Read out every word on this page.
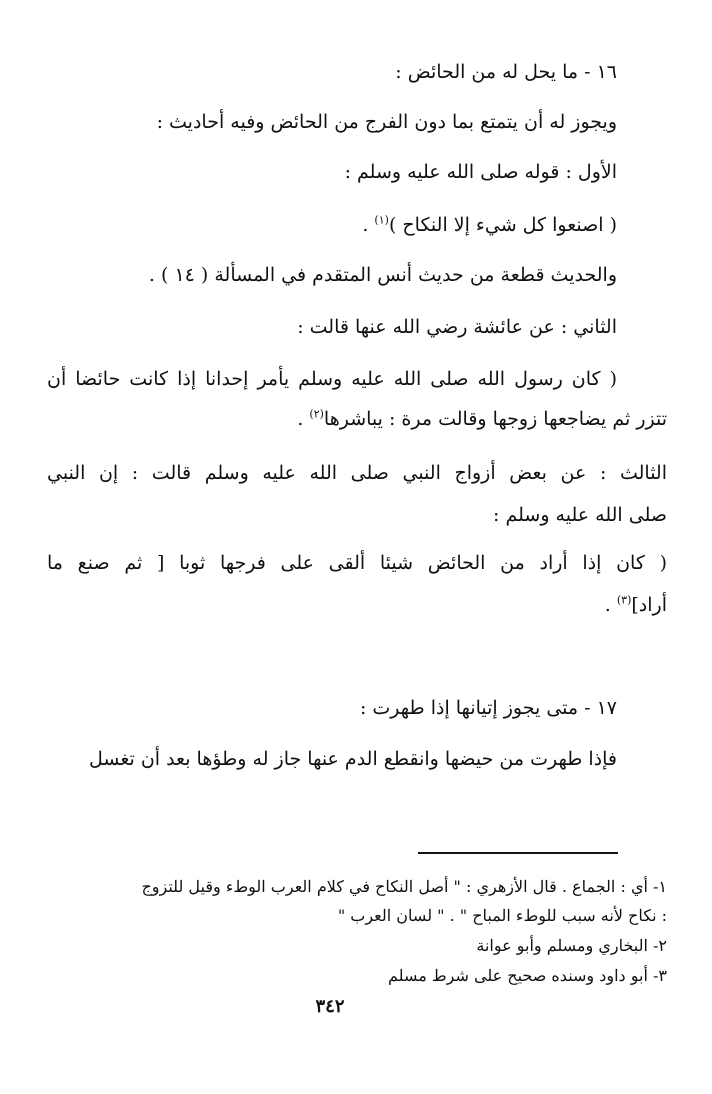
١٦ - ما يحل له من الحائض :
ويجوز له أن يتمتع بما دون الفرج من الحائض وفيه أحاديث :
الأول : قوله صلى الله عليه وسلم :
( اصنعوا كل شيء إلا النكاح )$^{(١)}$ .
والحديث قطعة من حديث أنس المتقدم في المسألة ( ١٤ ) .
الثاني : عن عائشة رضي الله عنها قالت :
( كان رسول الله صلى الله عليه وسلم يأمر إحدانا إذا كانت حائضا أن
تتزر ثم يضاجعها زوجها وقالت مرة : يباشرها$^{(٢)}$ .
الثالث : عن بعض أزواج النبي صلى الله عليه وسلم قالت : إن النبي
صلى الله عليه وسلم :
( كان إذا أراد من الحائض شيئا ألقى على فرجها ثوبا [ ثم صنع ما
أراد]$^{(٣)}$ .
١٧ - متى يجوز إتيانها إذا طهرت :
فإذا طهرت من حيضها وانقطع الدم عنها جاز له وطؤها بعد أن تغسل
١- أي : الجماع . قال الأزهري : " أصل النكاح في كلام العرب الوطء وقيل للتزوج
: نكاح لأنه سبب للوطء المباح " . " لسان العرب "
٢- البخاري ومسلم وأبو عوانة
٣- أبو داود وسنده صحيح على شرط مسلم
٣٤٢
